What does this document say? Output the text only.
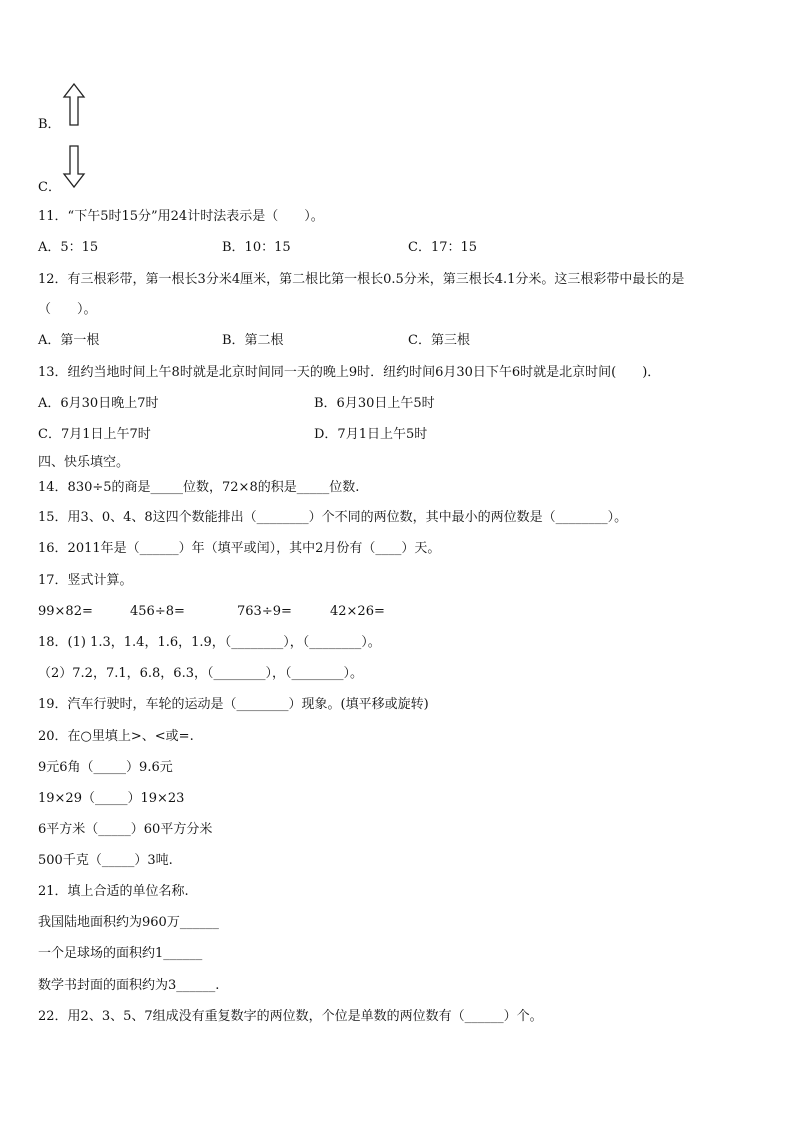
B．
C．
11．“下午5时15分”用24计时法表示是（　　）。
A．5：15	B．10：15	C．17：15
12．有三根彩带，第一根长3分米4厘米，第二根比第一根长0.5分米，第三根长4.1分米。这三根彩带中最长的是
（　　）。
A．第一根	B．第二根	C．第三根
13．纽约当地时间上午8时就是北京时间同一天的晚上9时．纽约时间6月30日下午6时就是北京时间(　　)．
A．6月30日晚上7时	B．6月30日上午5时
C．7月1日上午7时	D．7月1日上午5时
四、快乐填空。
14．830÷5的商是_____位数，72×8的积是_____位数.
15．用3、0、4、8这四个数能排出（________）个不同的两位数，其中最小的两位数是（________）。
16．2011年是（______）年（填平或闰），其中2月份有（____）天。
17．竖式计算。
99×82=	456÷8=	763÷9=	42×26=
18．(1) 1.3，1.4，1.6，1.9，（________），（________）。
（2）7.2，7.1，6.8，6.3，（________），（________）。
19．汽车行驶时，车轮的运动是（________）现象。(填平移或旋转)
20．在○里填上>、<或=.
9元6角（_____）9.6元
19×29（_____）19×23
6平方米（_____）60平方分米
500千克（_____）3吨.
21．填上合适的单位名称.
我国陆地面积约为960万______
一个足球场的面积约1______
数学书封面的面积约为3______.
22．用2、3、5、7组成没有重复数字的两位数，个位是单数的两位数有（______）个。
